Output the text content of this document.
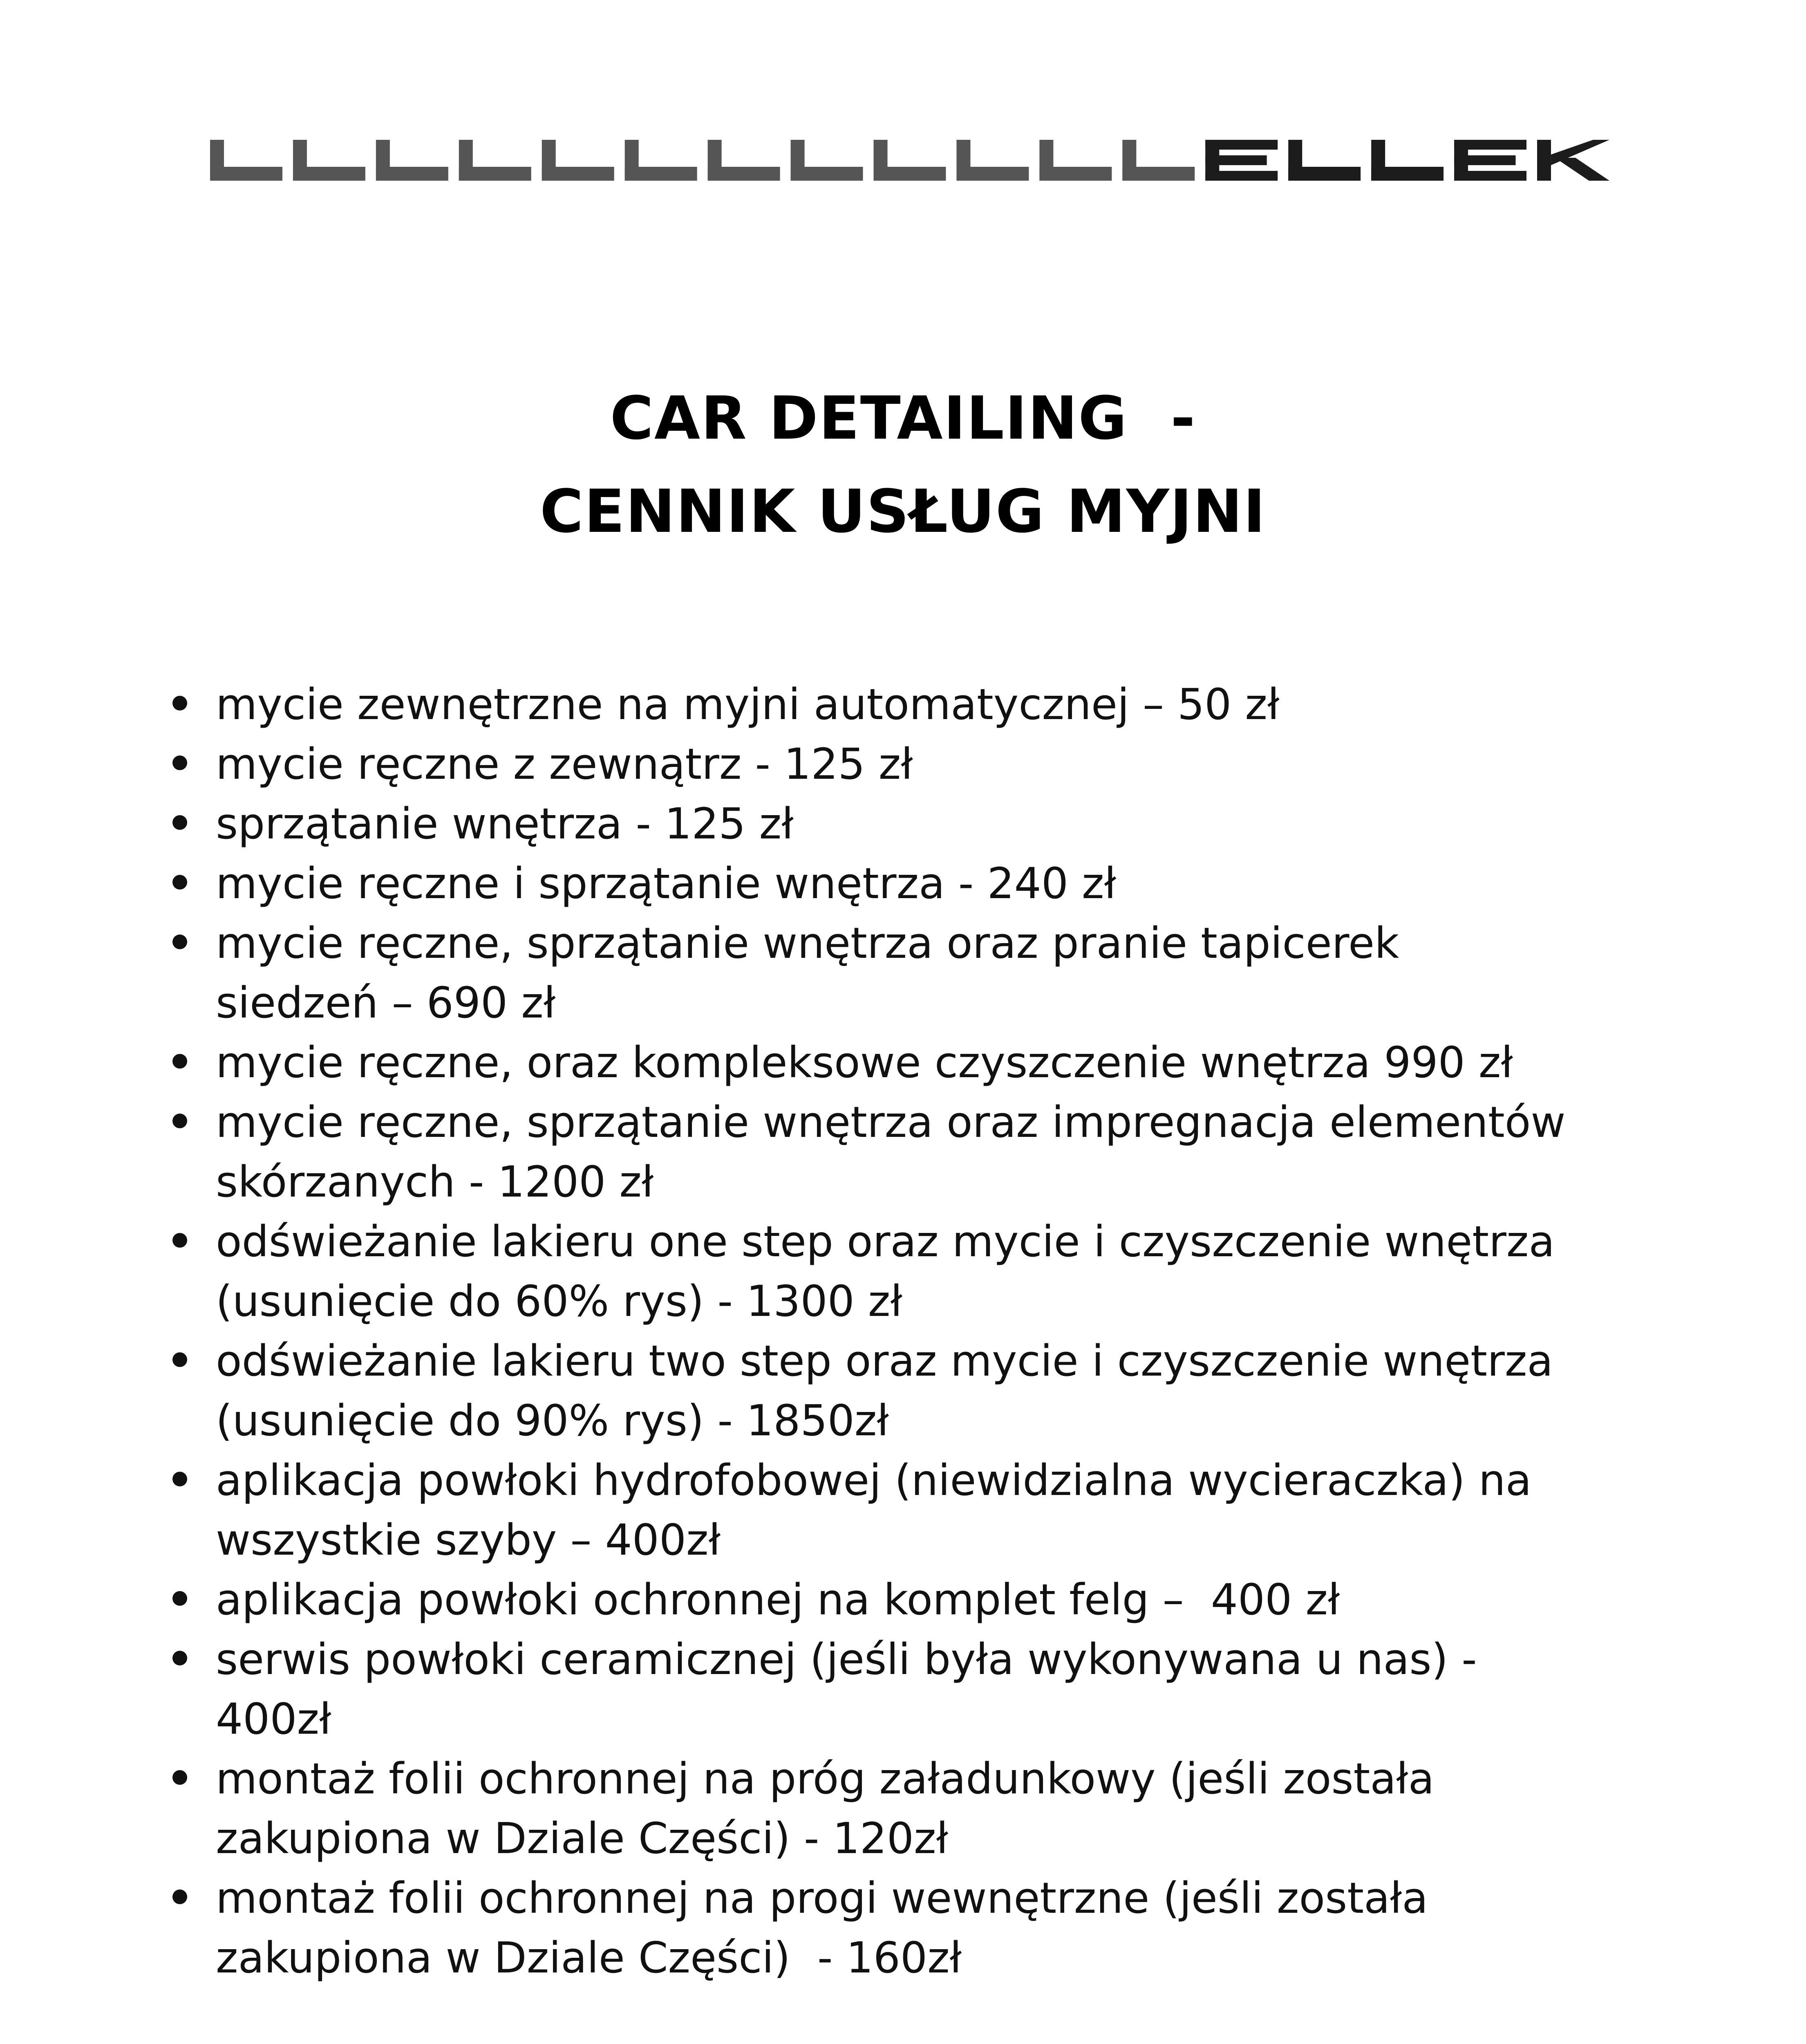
CAR DETAILING  -
CENNIK USŁUG MYJNI
mycie zewnętrzne na myjni automatycznej – 50 zł
mycie ręczne z zewnątrz - 125 zł
sprzątanie wnętrza - 125 zł
mycie ręczne i sprzątanie wnętrza - 240 zł
mycie ręczne, sprzątanie wnętrza oraz pranie tapicerek
siedzeń – 690 zł
mycie ręczne, oraz kompleksowe czyszczenie wnętrza 990 zł
mycie ręczne, sprzątanie wnętrza oraz impregnacja elementów
skórzanych - 1200 zł
odświeżanie lakieru one step oraz mycie i czyszczenie wnętrza
(usunięcie do 60% rys) - 1300 zł
odświeżanie lakieru two step oraz mycie i czyszczenie wnętrza
(usunięcie do 90% rys) - 1850zł
aplikacja powłoki hydrofobowej (niewidzialna wycieraczka) na
wszystkie szyby – 400zł
aplikacja powłoki ochronnej na komplet felg –  400 zł
serwis powłoki ceramicznej (jeśli była wykonywana u nas) -
400zł
montaż folii ochronnej na próg załadunkowy (jeśli została
zakupiona w Dziale Części) - 120zł
montaż folii ochronnej na progi wewnętrzne (jeśli została
zakupiona w Dziale Części)  - 160zł
